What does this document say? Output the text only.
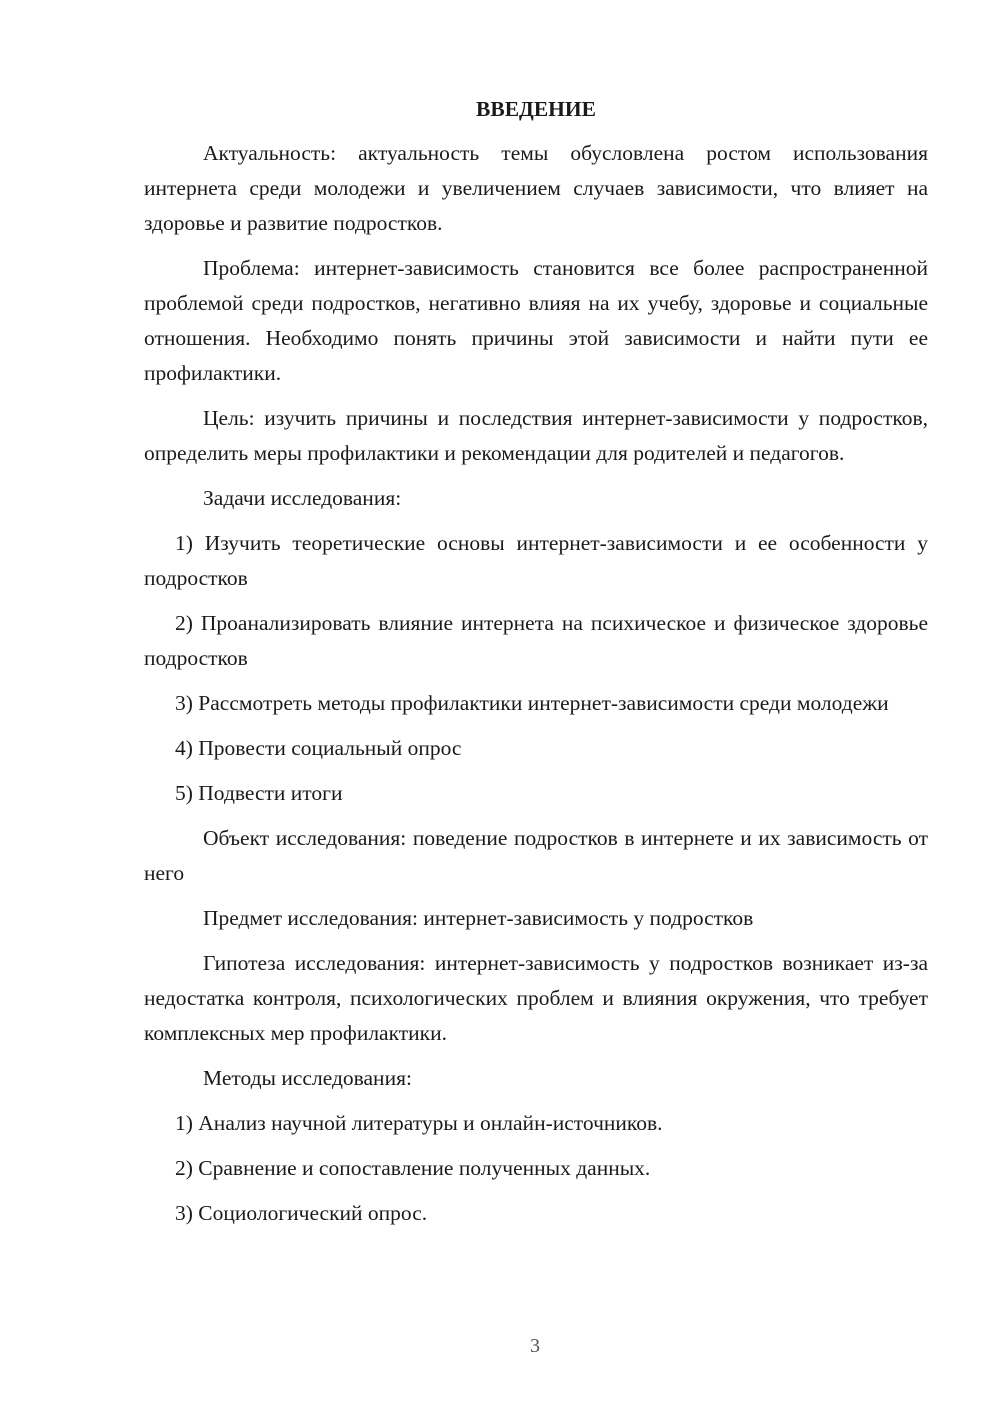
ВВЕДЕНИЕ

Актуальность: актуальность темы обусловлена ростом использования интернета среди молодежи и увеличением случаев зависимости, что влияет на здоровье и развитие подростков.

Проблема: интернет-зависимость становится все более распространенной проблемой среди подростков, негативно влияя на их учебу, здоровье и социальные отношения. Необходимо понять причины этой зависимости и найти пути ее профилактики.

Цель: изучить причины и последствия интернет-зависимости у подростков, определить меры профилактики и рекомендации для родителей и педагогов.

Задачи исследования:

1) Изучить теоретические основы интернет-зависимости и ее особенности у подростков

2) Проанализировать влияние интернета на психическое и физическое здоровье подростков

3) Рассмотреть методы профилактики интернет-зависимости среди молодежи

4) Провести социальный опрос

5) Подвести итоги

Объект исследования: поведение подростков в интернете и их зависимость от него

Предмет исследования: интернет-зависимость у подростков

Гипотеза исследования: интернет-зависимость у подростков возникает из-за недостатка контроля, психологических проблем и влияния окружения, что требует комплексных мер профилактики.

Методы исследования:

1) Анализ научной литературы и онлайн-источников.

2) Сравнение и сопоставление полученных данных.

3) Социологический опрос.

3
